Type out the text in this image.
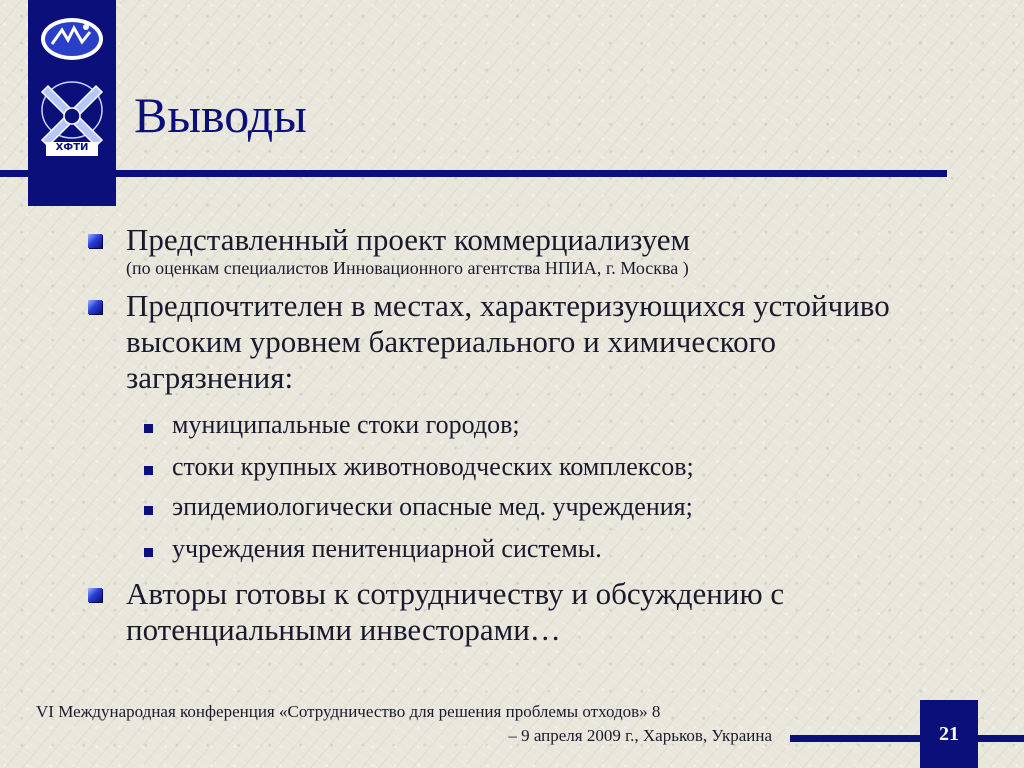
ХФТИ
Выводы
Представленный проект коммерциализуем
(по оценкам специалистов Инновационного агентства НПИА, г. Москва )
Предпочтителен в местах, характеризующихся устойчиво высоким уровнем бактериального и химического загрязнения:
муниципальные стоки городов;
стоки крупных животноводческих комплексов;
эпидемиологически опасные мед. учреждения;
учреждения пенитенциарной системы.
Авторы готовы к сотрудничеству и обсуждению с потенциальными инвесторами…
VI Международная конференция «Сотрудничество для решения проблемы отходов» 8
– 9 апреля 2009 г., Харьков, Украина	21
